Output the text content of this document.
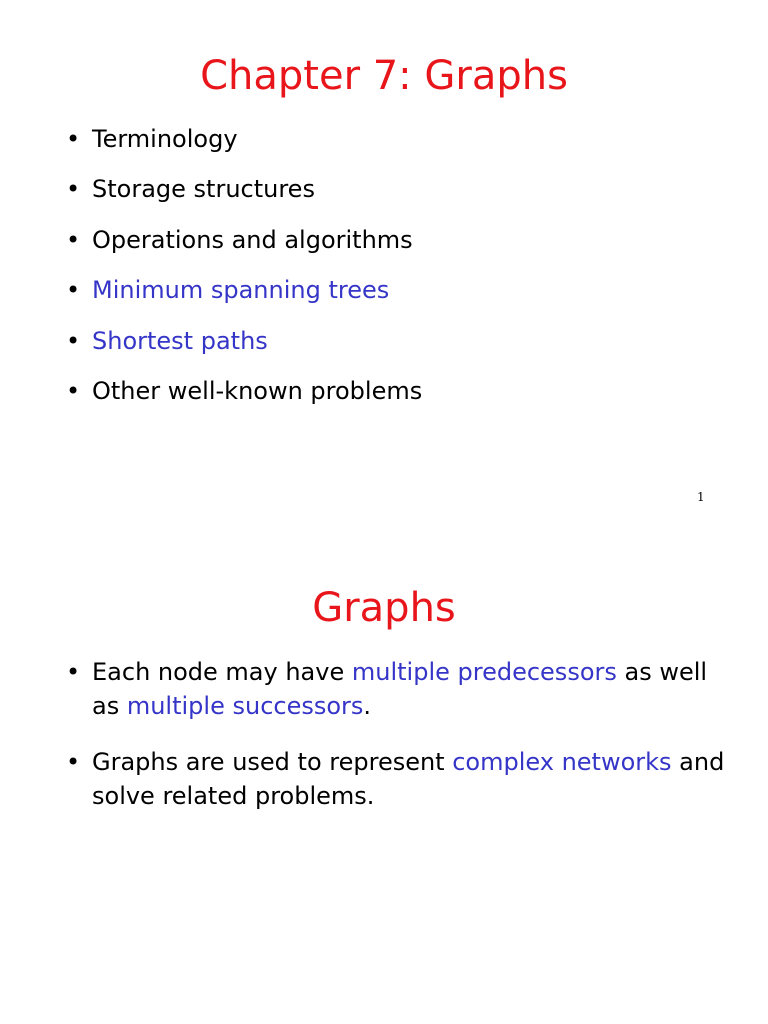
Chapter 7: Graphs
• Terminology
• Storage structures
• Operations and algorithms
• Minimum spanning trees
• Shortest paths
• Other well-known problems
1
Graphs
• Each node may have multiple predecessors as well as multiple successors.
• Graphs are used to represent complex networks and solve related problems.
